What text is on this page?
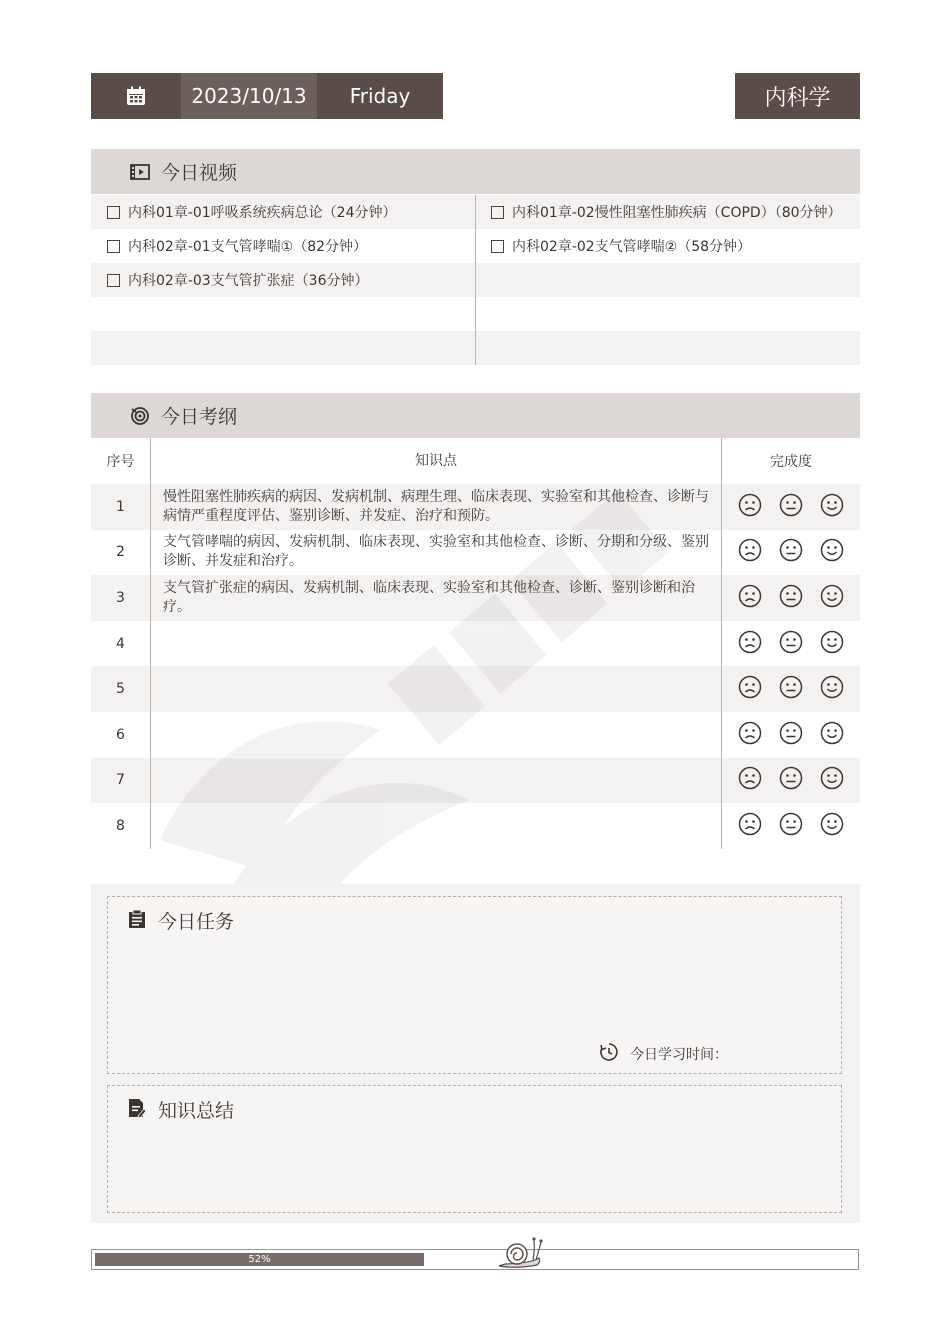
2023/10/13	Friday	内科学
今日视频
内科01章-01呼吸系统疾病总论（24分钟）	内科01章-02慢性阻塞性肺疾病（COPD）（80分钟）
内科02章-01支气管哮喘①（82分钟）	内科02章-02支气管哮喘②（58分钟）
内科02章-03支气管扩张症（36分钟）
今日考纲
序号	知识点	完成度
1	慢性阻塞性肺疾病的病因、发病机制、病理生理、临床表现、实验室和其他检查、诊断与病情严重程度评估、鉴别诊断、并发症、治疗和预防。	

2	支气管哮喘的病因、发病机制、临床表现、实验室和其他检查、诊断、分期和分级、鉴别诊断、并发症和治疗。	

3	支气管扩张症的病因、发病机制、临床表现、实验室和其他检查、诊断、鉴别诊断和治疗。	

4		

5		

6		

7		

8		
今日任务
今日学习时间：
知识总结
52%
